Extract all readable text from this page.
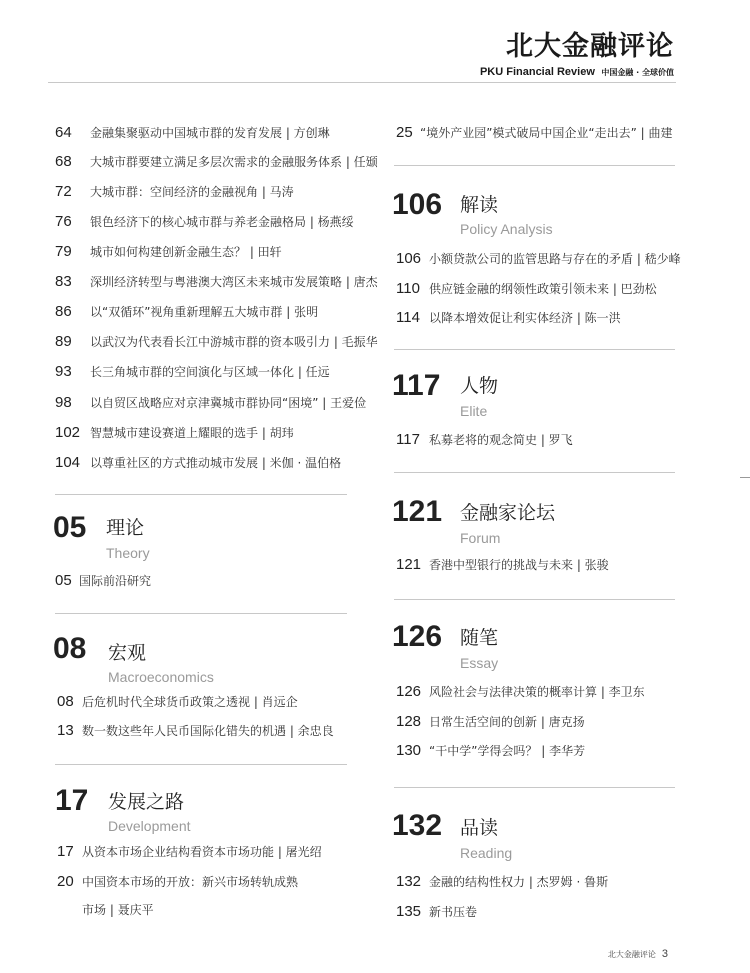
北大金融评论
PKU Financial Review 中国金融 · 全球价值
64 金融集聚驱动中国城市群的发育发展 | 方创琳
68 大城市群要建立满足多层次需求的金融服务体系 | 任颋
72 大城市群：空间经济的金融视角 | 马涛
76 银色经济下的核心城市群与养老金融格局 | 杨燕绥
79 城市如何构建创新金融生态？ | 田轩
83 深圳经济转型与粤港澳大湾区未来城市发展策略 | 唐杰
86 以“双循环”视角重新理解五大城市群 | 张明
89 以武汉为代表看长江中游城市群的资本吸引力 | 毛振华
93 长三角城市群的空间演化与区域一体化 | 任远
98 以自贸区战略应对京津冀城市群协同“困境” | 王爱俭
102 智慧城市建设赛道上耀眼的选手 | 胡玮
104 以尊重社区的方式推动城市发展 | 米伽 · 温伯格
05 理论
Theory
05 国际前沿研究
08 宏观
Macroeconomics
08 后危机时代全球货币政策之透视 | 肖远企
13 数一数这些年人民币国际化错失的机遇 | 余忠良
17 发展之路
Development
17 从资本市场企业结构看资本市场功能 | 屠光绍
20 中国资本市场的开放：新兴市场转轨成熟
市场 | 聂庆平
25 “境外产业园”模式破局中国企业“走出去” | 曲建
106 解读
Policy Analysis
106 小额贷款公司的监管思路与存在的矛盾 | 嵇少峰
110 供应链金融的纲领性政策引领未来 | 巴劲松
114 以降本增效促让利实体经济 | 陈一洪
117 人物
Elite
117 私募老将的观念简史 | 罗飞
121 金融家论坛
Forum
121 香港中型银行的挑战与未来 | 张骏
126 随笔
Essay
126 风险社会与法律决策的概率计算 | 李卫东
128 日常生活空间的创新 | 唐克扬
130 “干中学”学得会吗？ | 李华芳
132 品读
Reading
132 金融的结构性权力 | 杰罗姆 · 鲁斯
135 新书压卷
北大金融评论 3
